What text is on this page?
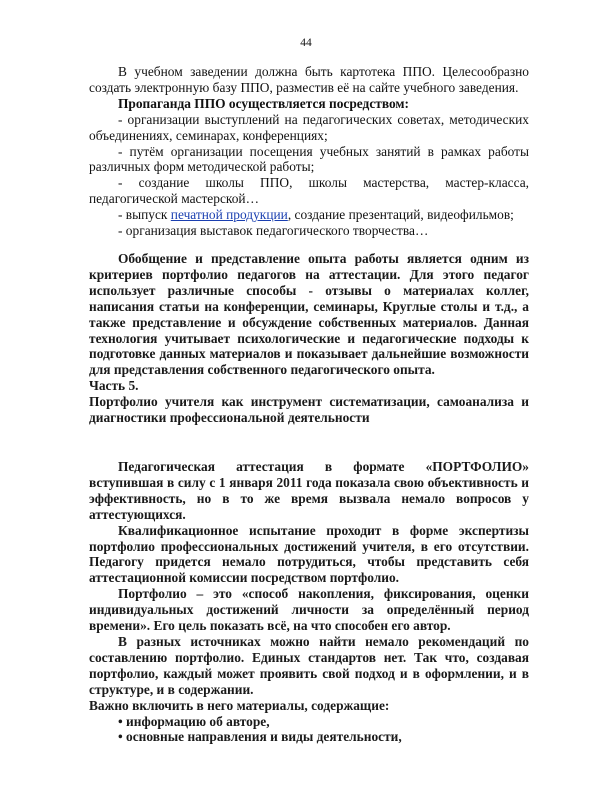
44

В учебном заведении должна быть картотека ППО. Целесообразно создать электронную базу ППО, разместив её на сайте учебного заведения.

Пропаганда ППО осуществляется посредством:

- организации выступлений на педагогических советах, методических объединениях, семинарах, конференциях;

- путём организации посещения учебных занятий в рамках работы различных форм методической работы;

- создание школы ППО, школы мастерства, мастер-класса, педагогической мастерской…

- выпуск печатной продукции, создание презентаций, видеофильмов;

- организация выставок педагогического творчества…

Обобщение и представление опыта работы является одним из критериев портфолио педагогов на аттестации. Для этого педагог использует различные способы - отзывы о материалах коллег, написания статьи на конференции, семинары, Круглые столы и т.д., а также представление и обсуждение собственных материалов. Данная технология учитывает психологические и педагогические подходы к подготовке данных материалов и показывает дальнейшие возможности для представления собственного педагогического опыта.

Часть 5.

Портфолио учителя как инструмент систематизации, самоанализа и диагностики профессиональной деятельности

Педагогическая аттестация в формате «ПОРТФОЛИО» вступившая в силу с 1 января 2011 года показала свою объективность и эффективность, но в то же время вызвала немало вопросов у аттестующихся.

Квалификационное испытание проходит в форме экспертизы портфолио профессиональных достижений учителя, в его отсутствии. Педагогу придется немало потрудиться, чтобы представить себя аттестационной комиссии посредством портфолио.

Портфолио – это «способ накопления, фиксирования, оценки индивидуальных достижений личности за определённый период времени». Его цель показать всё, на что способен его автор.

В разных источниках можно найти немало рекомендаций по составлению портфолио. Единых стандартов нет. Так что, создавая портфолио, каждый может проявить свой подход и в оформлении, и в структуре, и в содержании.

Важно включить в него материалы, содержащие:

• информацию об авторе,

• основные направления и виды деятельности,
